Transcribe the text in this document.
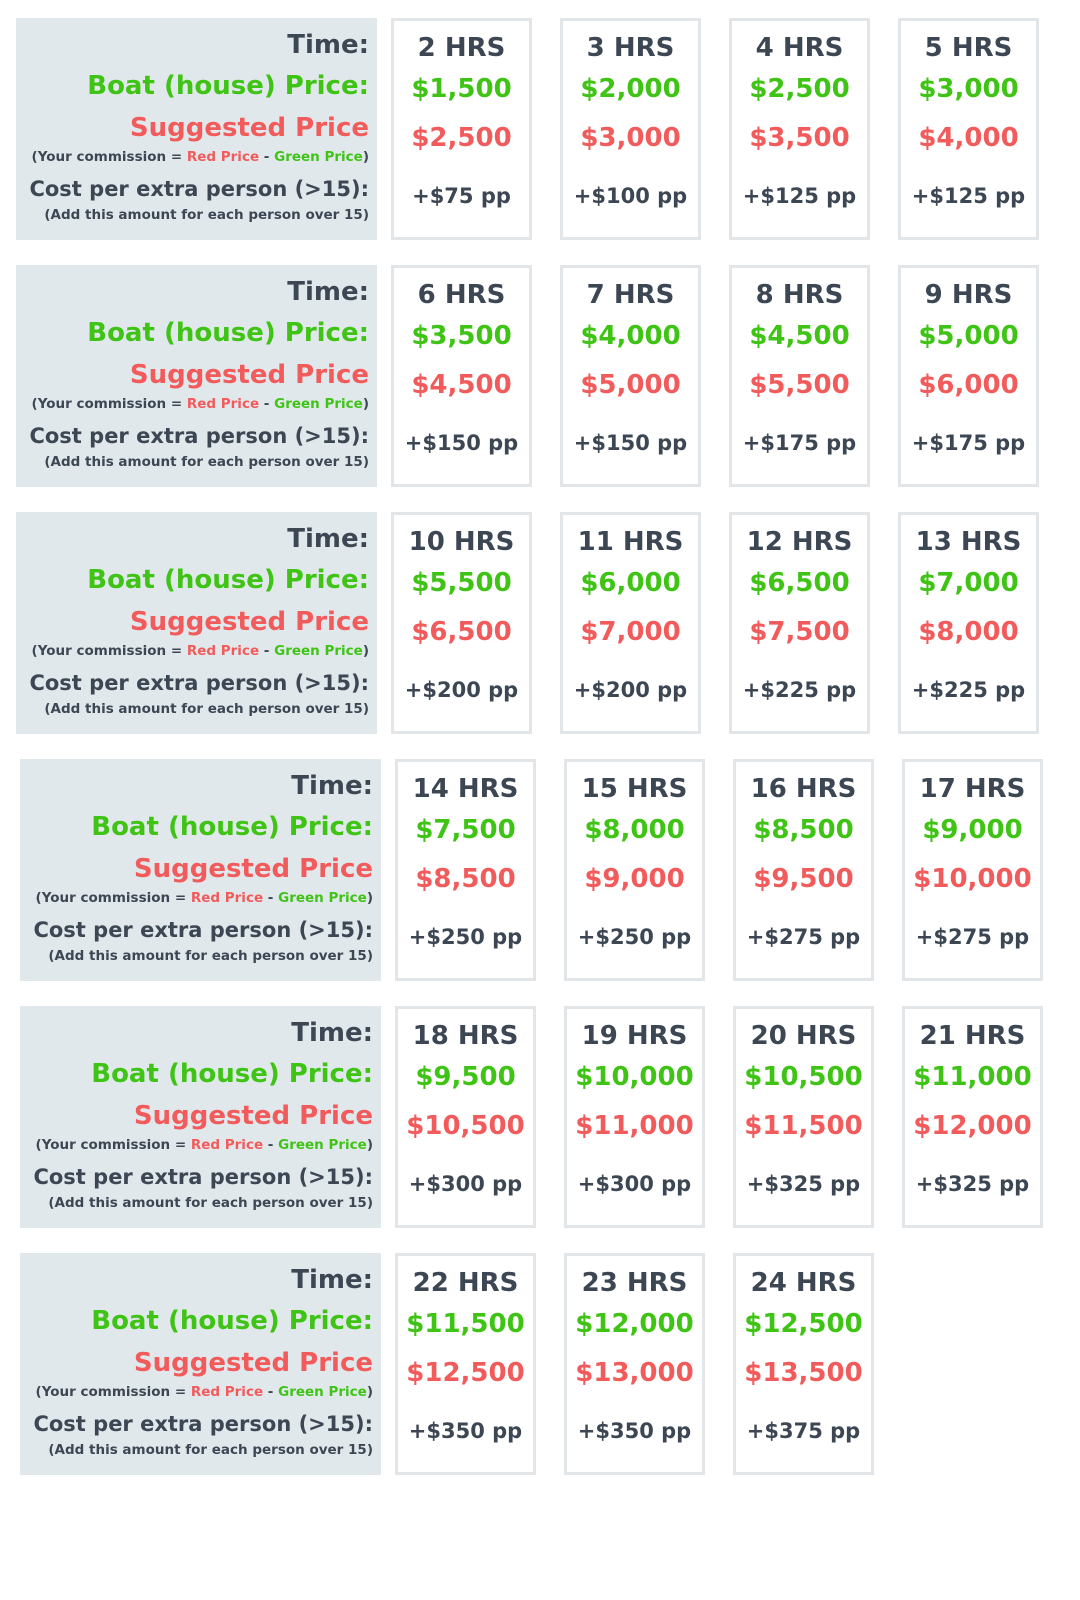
Time:
Boat (house) Price:
Suggested Price
(Your commission = Red Price - Green Price)
Cost per extra person (>15):
(Add this amount for each person over 15)
2 HRS
$1,500
$2,500
+$75 pp
3 HRS
$2,000
$3,000
+$100 pp
4 HRS
$2,500
$3,500
+$125 pp
5 HRS
$3,000
$4,000
+$125 pp
Time:
Boat (house) Price:
Suggested Price
(Your commission = Red Price - Green Price)
Cost per extra person (>15):
(Add this amount for each person over 15)
6 HRS
$3,500
$4,500
+$150 pp
7 HRS
$4,000
$5,000
+$150 pp
8 HRS
$4,500
$5,500
+$175 pp
9 HRS
$5,000
$6,000
+$175 pp
Time:
Boat (house) Price:
Suggested Price
(Your commission = Red Price - Green Price)
Cost per extra person (>15):
(Add this amount for each person over 15)
10 HRS
$5,500
$6,500
+$200 pp
11 HRS
$6,000
$7,000
+$200 pp
12 HRS
$6,500
$7,500
+$225 pp
13 HRS
$7,000
$8,000
+$225 pp
Time:
Boat (house) Price:
Suggested Price
(Your commission = Red Price - Green Price)
Cost per extra person (>15):
(Add this amount for each person over 15)
14 HRS
$7,500
$8,500
+$250 pp
15 HRS
$8,000
$9,000
+$250 pp
16 HRS
$8,500
$9,500
+$275 pp
17 HRS
$9,000
$10,000
+$275 pp
Time:
Boat (house) Price:
Suggested Price
(Your commission = Red Price - Green Price)
Cost per extra person (>15):
(Add this amount for each person over 15)
18 HRS
$9,500
$10,500
+$300 pp
19 HRS
$10,000
$11,000
+$300 pp
20 HRS
$10,500
$11,500
+$325 pp
21 HRS
$11,000
$12,000
+$325 pp
Time:
Boat (house) Price:
Suggested Price
(Your commission = Red Price - Green Price)
Cost per extra person (>15):
(Add this amount for each person over 15)
22 HRS
$11,500
$12,500
+$350 pp
23 HRS
$12,000
$13,000
+$350 pp
24 HRS
$12,500
$13,500
+$375 pp
